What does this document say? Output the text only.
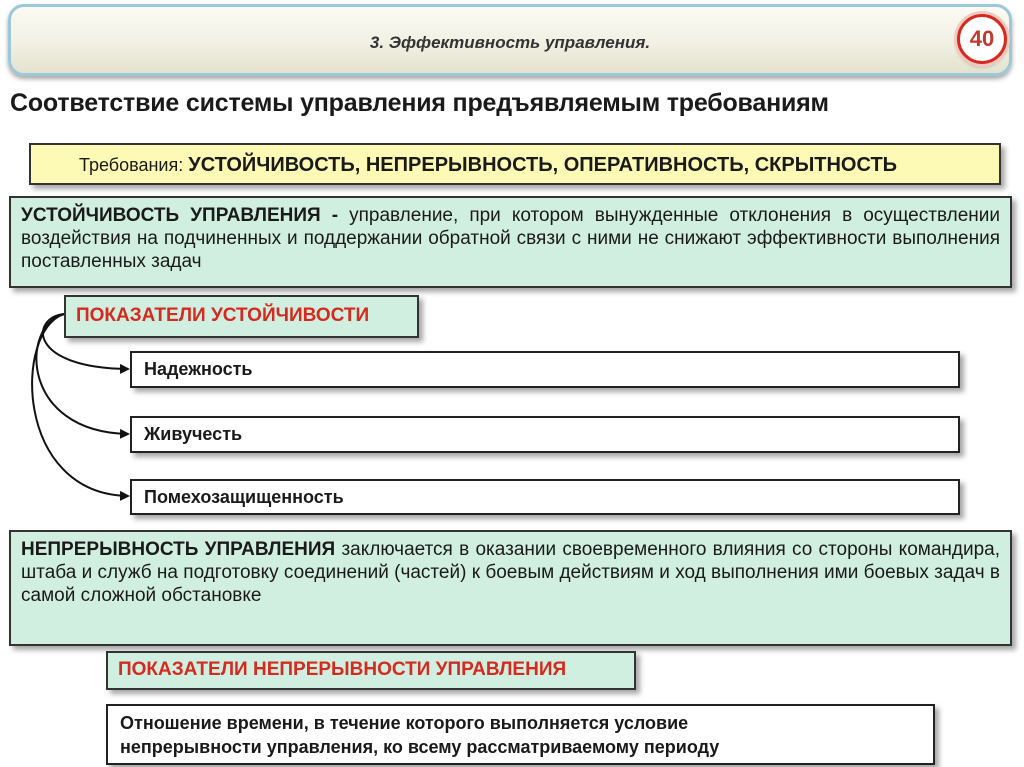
3. Эффективность управления.	40
Соответствие системы управления предъявляемым требованиям
Требования: УСТОЙЧИВОСТЬ, НЕПРЕРЫВНОСТЬ, ОПЕРАТИВНОСТЬ, СКРЫТНОСТЬ
УСТОЙЧИВОСТЬ УПРАВЛЕНИЯ - управление, при котором вынужденные отклонения в осуществлении воздействия на подчиненных и поддержании обратной связи с ними не снижают эффективности выполнения поставленных задач
ПОКАЗАТЕЛИ УСТОЙЧИВОСТИ
Надежность
Живучесть
Помехозащищенность
НЕПРЕРЫВНОСТЬ УПРАВЛЕНИЯ заключается в оказании своевременного влияния со стороны командира, штаба и служб на подготовку соединений (частей) к боевым действиям и ход выполнения ими боевых задач в самой сложной обстановке
ПОКАЗАТЕЛИ НЕПРЕРЫВНОСТИ УПРАВЛЕНИЯ
Отношение времени, в течение которого выполняется условие
непрерывности управления, ко всему рассматриваемому периоду
